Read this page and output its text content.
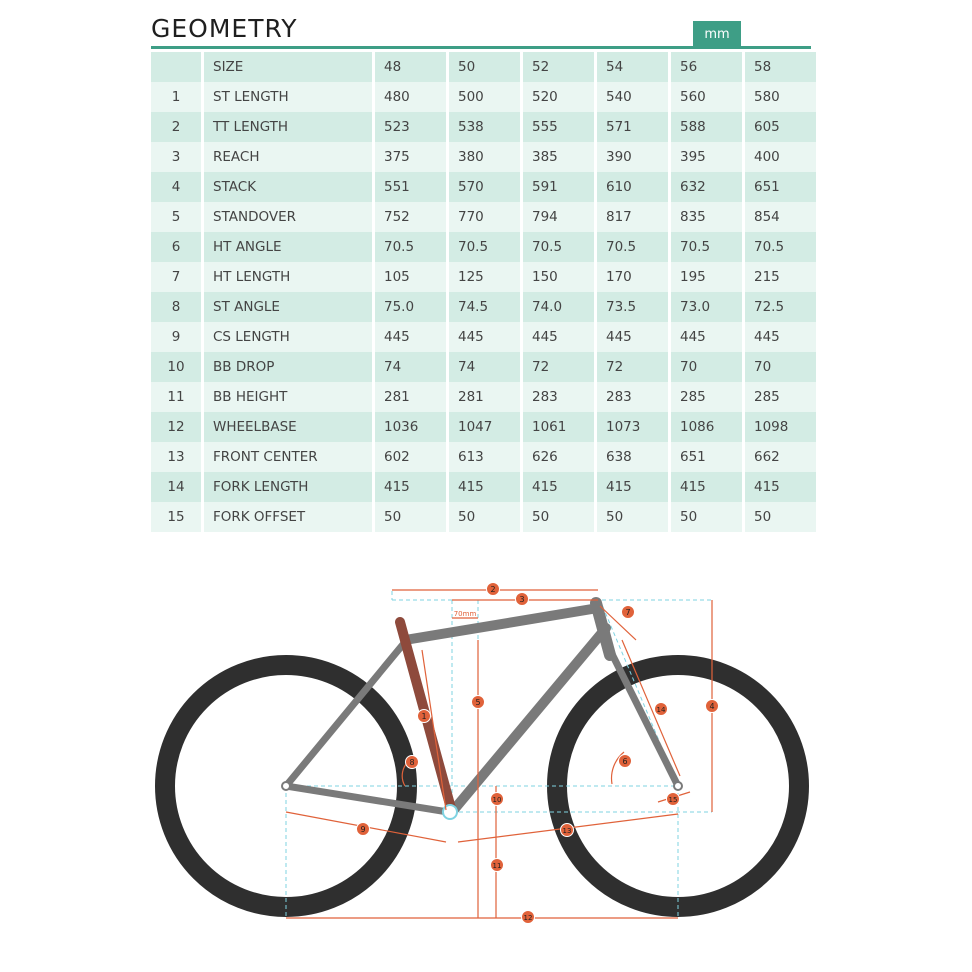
GEOMETRY	mm
	SIZE	48	50	52	54	56	58
1	ST LENGTH	480	500	520	540	560	580
2	TT LENGTH	523	538	555	571	588	605
3	REACH	375	380	385	390	395	400
4	STACK	551	570	591	610	632	651
5	STANDOVER	752	770	794	817	835	854
6	HT ANGLE	70.5	70.5	70.5	70.5	70.5	70.5
7	HT LENGTH	105	125	150	170	195	215
8	ST ANGLE	75.0	74.5	74.0	73.5	73.0	72.5
9	CS LENGTH	445	445	445	445	445	445
10	BB DROP	74	74	72	72	70	70
11	BB HEIGHT	281	281	283	283	285	285
12	WHEELBASE	1036	1047	1061	1073	1086	1098
13	FRONT CENTER	602	613	626	638	651	662
14	FORK LENGTH	415	415	415	415	415	415
15	FORK OFFSET	50	50	50	50	50	50
1
2
3
4
5
6
7
8
9
10
11
12
13
14
15
70mm
